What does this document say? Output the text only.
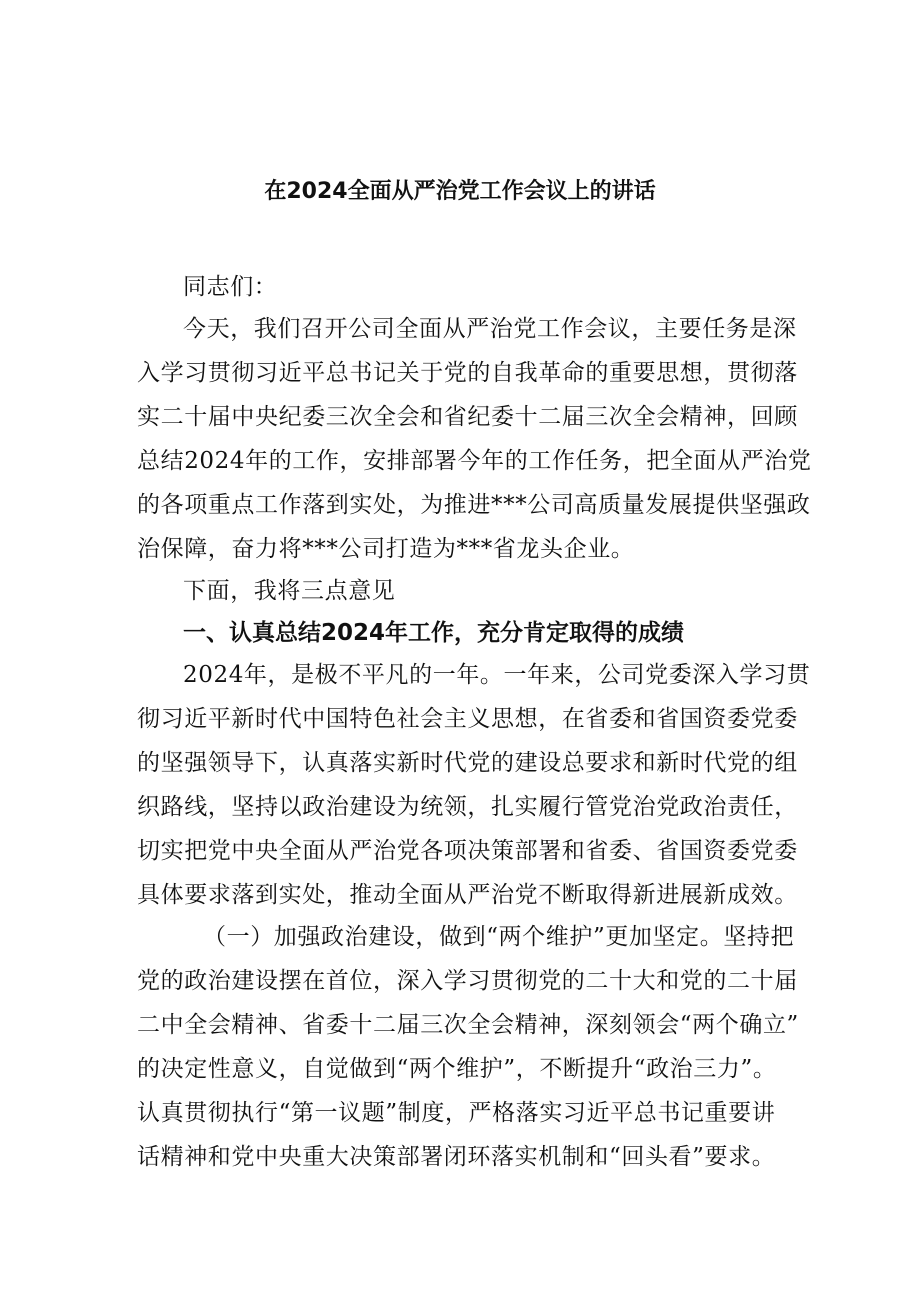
在2024全面从严治党工作会议上的讲话
同志们：
今天，我们召开公司全面从严治党工作会议，主要任务是深
入学习贯彻习近平总书记关于党的自我革命的重要思想，贯彻落
实二十届中央纪委三次全会和省纪委十二届三次全会精神，回顾
总结2024年的工作，安排部署今年的工作任务，把全面从严治党
的各项重点工作落到实处，为推进***公司高质量发展提供坚强政
治保障，奋力将***公司打造为***省龙头企业。
下面，我将三点意见
一、认真总结2024年工作，充分肯定取得的成绩
2024年，是极不平凡的一年。一年来，公司党委深入学习贯
彻习近平新时代中国特色社会主义思想，在省委和省国资委党委
的坚强领导下，认真落实新时代党的建设总要求和新时代党的组
织路线，坚持以政治建设为统领，扎实履行管党治党政治责任，
切实把党中央全面从严治党各项决策部署和省委、省国资委党委
具体要求落到实处，推动全面从严治党不断取得新进展新成效。
（一）加强政治建设，做到“两个维护”更加坚定。坚持把
党的政治建设摆在首位，深入学习贯彻党的二十大和党的二十届
二中全会精神、省委十二届三次全会精神，深刻领会“两个确立”
的决定性意义，自觉做到“两个维护”，不断提升“政治三力”。
认真贯彻执行“第一议题”制度，严格落实习近平总书记重要讲
话精神和党中央重大决策部署闭环落实机制和“回头看”要求。
